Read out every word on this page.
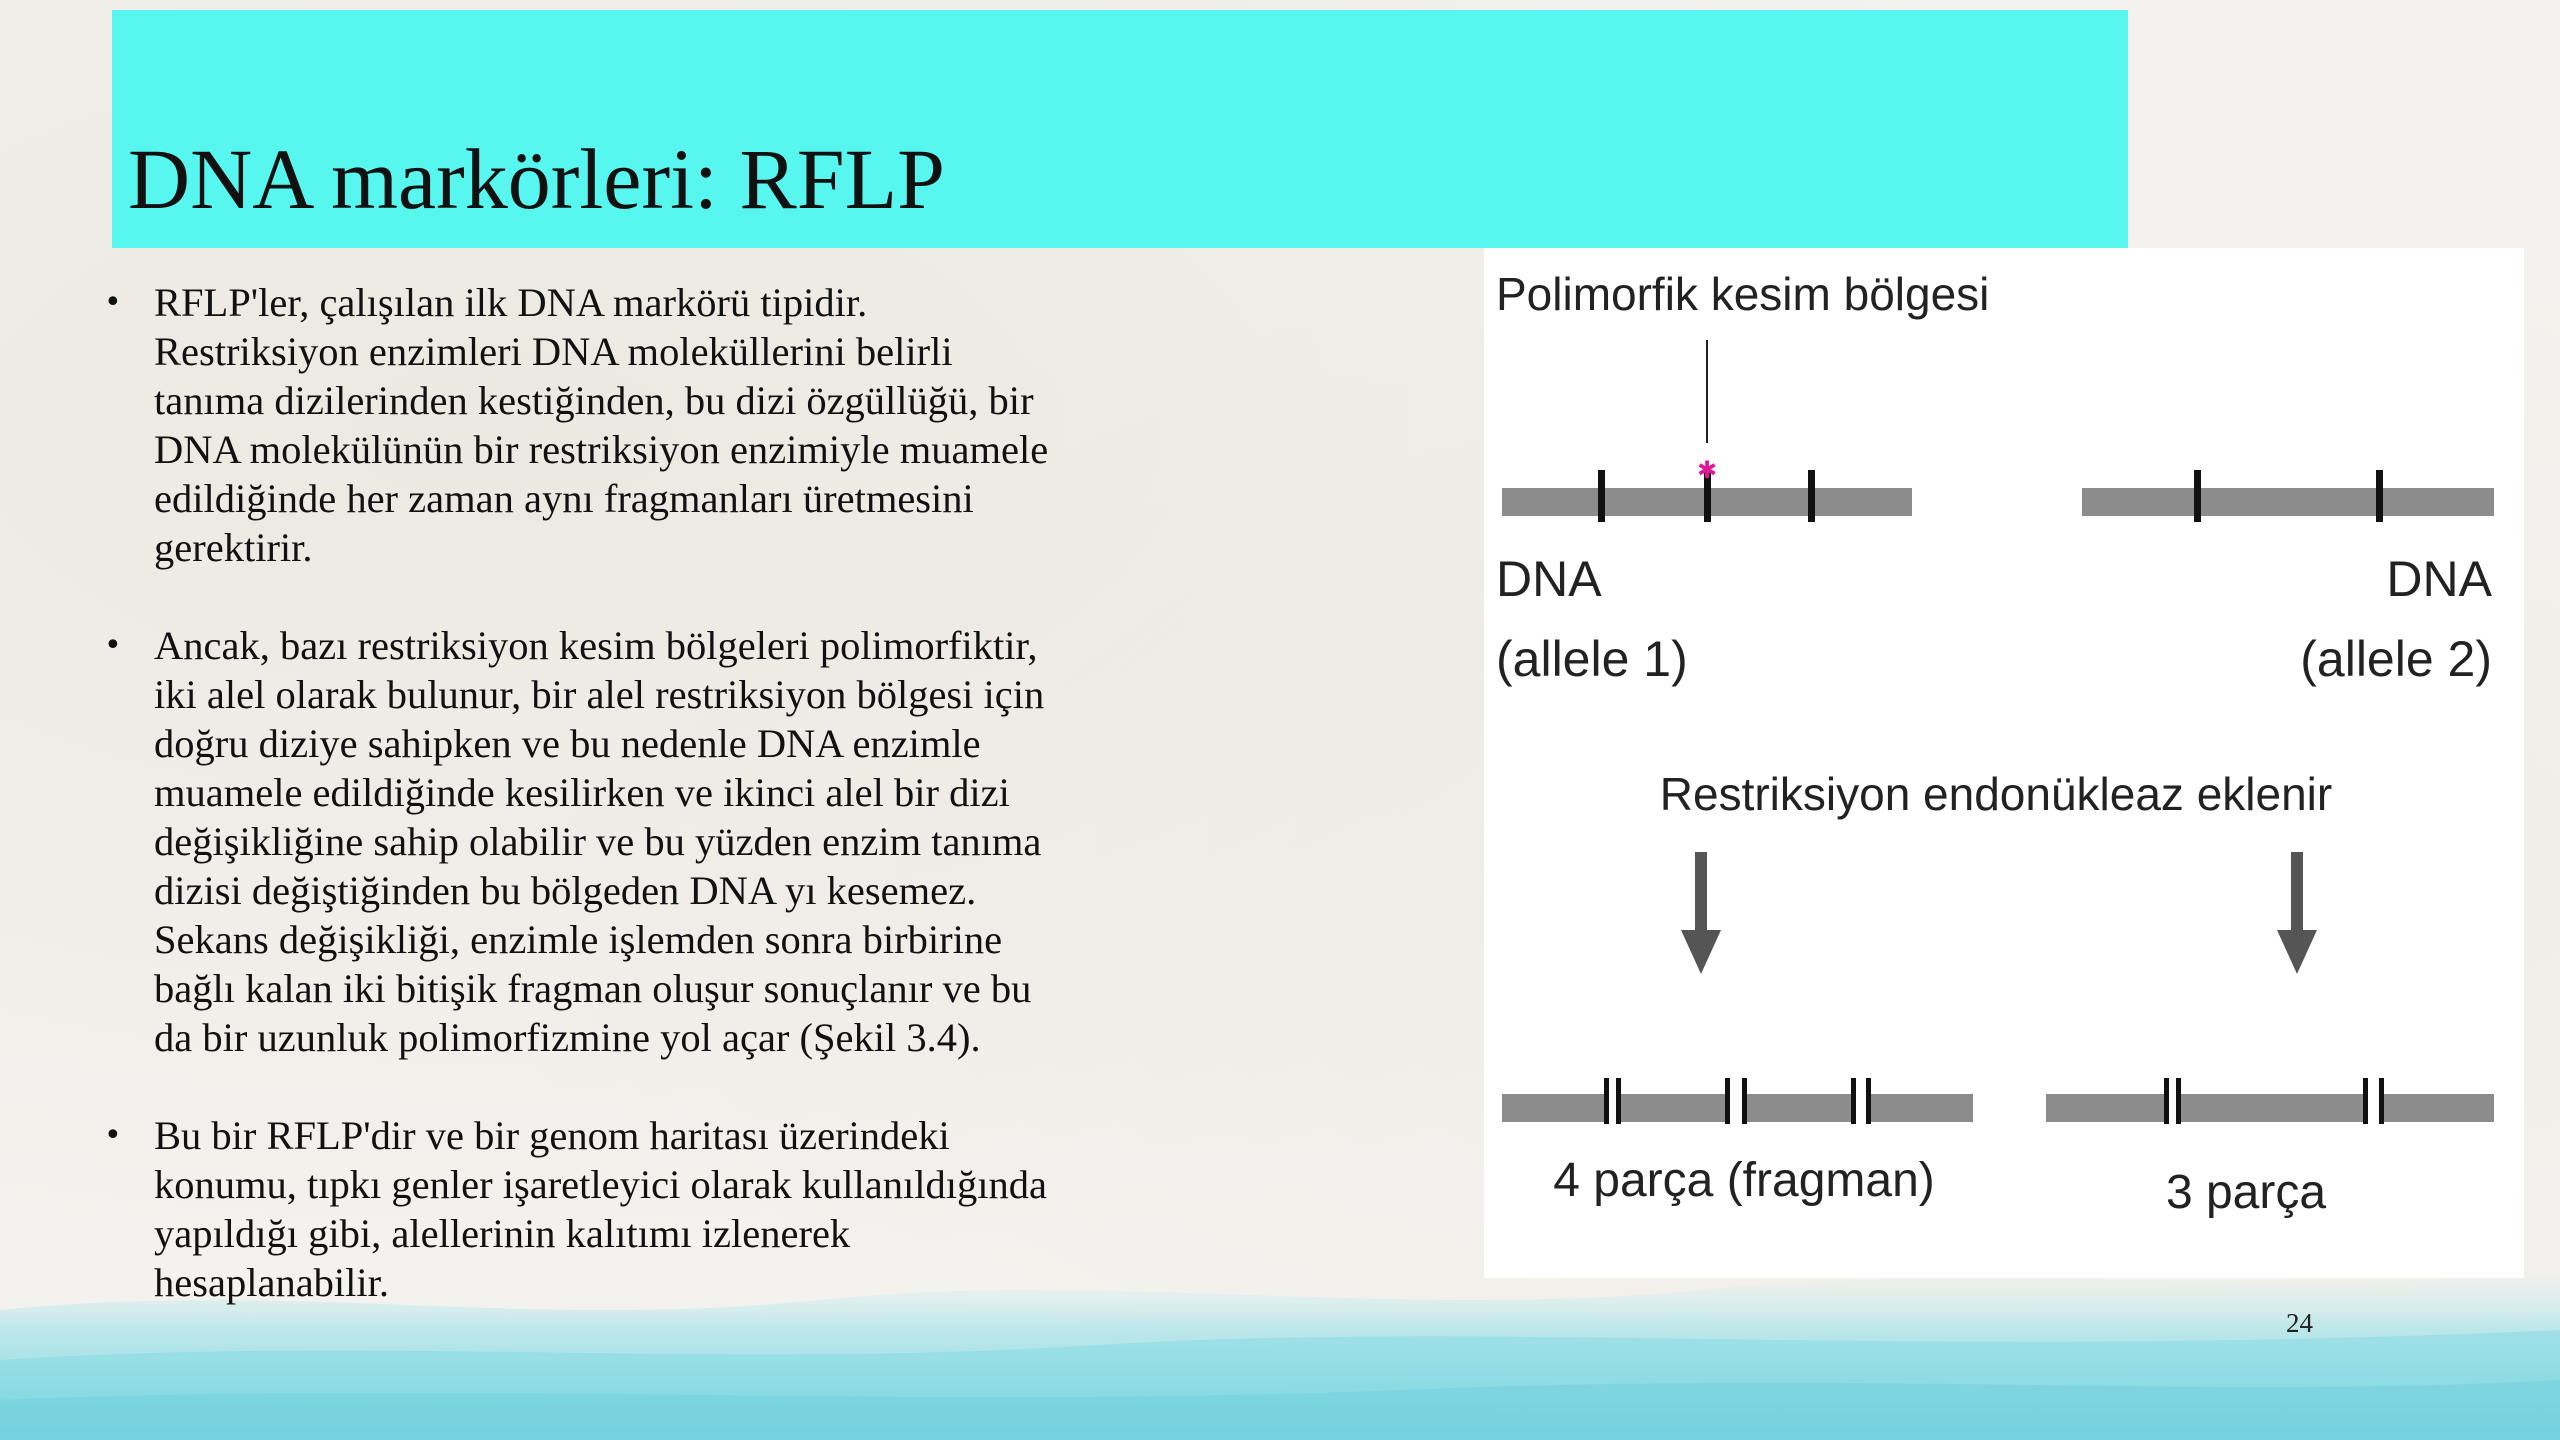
DNA markörleri: RFLP
• RFLP'ler, çalışılan ilk DNA markörü tipidir.
Restriksiyon enzimleri DNA moleküllerini belirli
tanıma dizilerinden kestiğinden, bu dizi özgüllüğü, bir
DNA molekülünün bir restriksiyon enzimiyle muamele
edildiğinde her zaman aynı fragmanları üretmesini
gerektirir.
• Ancak, bazı restriksiyon kesim bölgeleri polimorfiktir,
iki alel olarak bulunur, bir alel restriksiyon bölgesi için
doğru diziye sahipken ve bu nedenle DNA enzimle
muamele edildiğinde kesilirken ve ikinci alel bir dizi
değişikliğine sahip olabilir ve bu yüzden enzim tanıma
dizisi değiştiğinden bu bölgeden DNA yı kesemez.
Sekans değişikliği, enzimle işlemden sonra birbirine
bağlı kalan iki bitişik fragman oluşur sonuçlanır ve bu
da bir uzunluk polimorfizmine yol açar (Şekil 3.4).
• Bu bir RFLP'dir ve bir genom haritası üzerindeki
konumu, tıpkı genler işaretleyici olarak kullanıldığında
yapıldığı gibi, alellerinin kalıtımı izlenerek
hesaplanabilir.
Polimorfik kesim bölgesi
✱
DNA
(allele 1)
DNA
(allele 2)
Restriksiyon endonükleaz eklenir
4 parça (fragman)	3 parça
24
